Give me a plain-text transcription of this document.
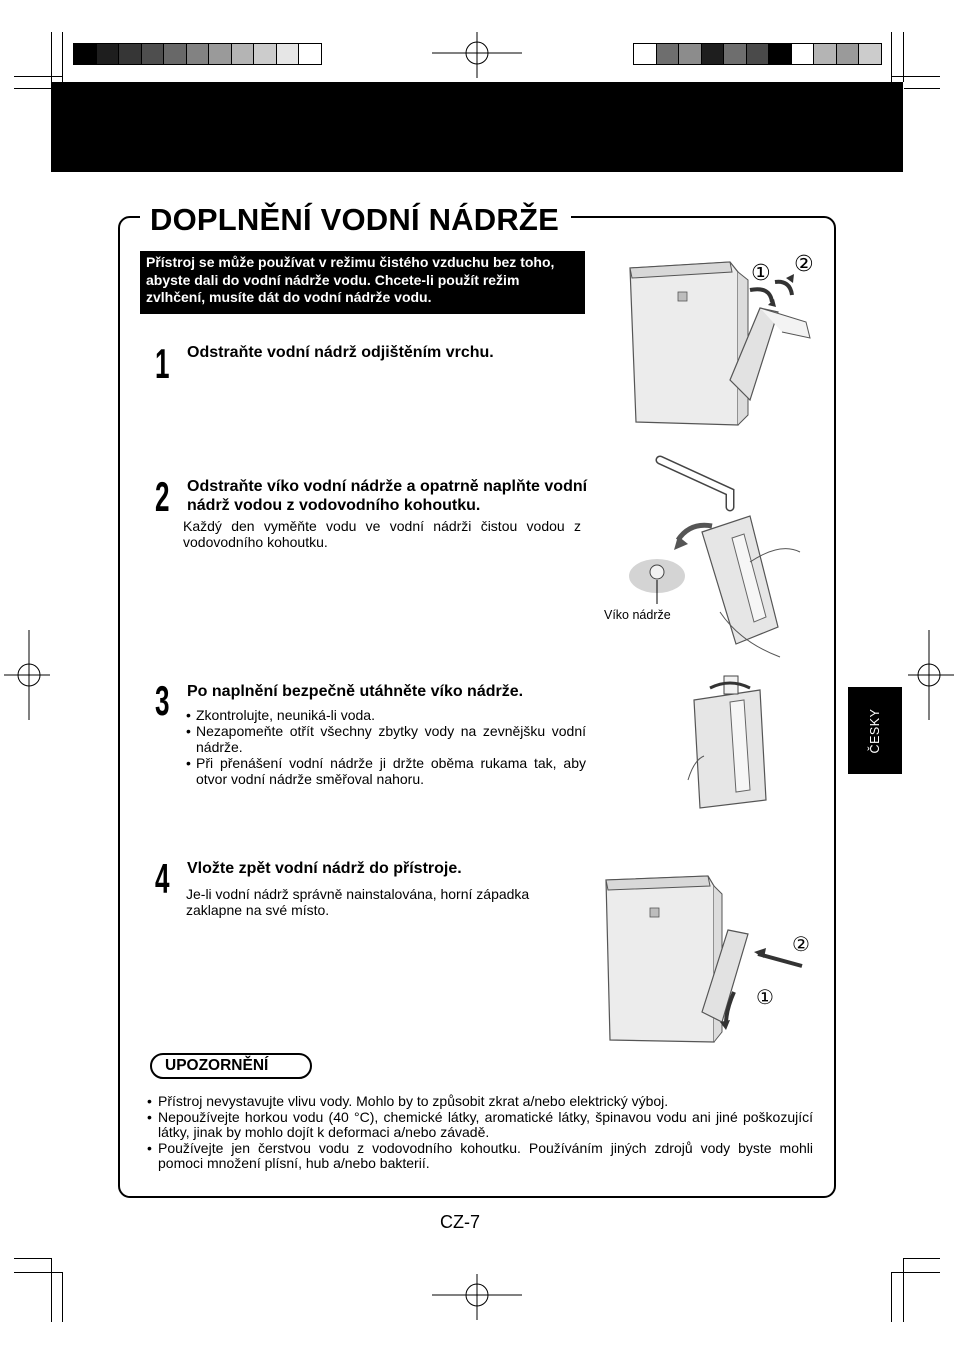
DOPLNĚNÍ VODNÍ NÁDRŽE
Přístroj se může používat v režimu čistého vzduchu bez toho, abyste dali do vodní nádrže vodu. Chcete-li použít režim zvlhčení, musíte dát do vodní nádrže vodu.
ČESKY
1 Odstraňte vodní nádrž odjištěním vrchu.
2 Odstraňte víko vodní nádrže a opatrně naplňte vodní nádrž vodou z vodovodního kohoutku.
Každý den vyměňte vodu ve vodní nádrži čistou vodou z vodovodního kohoutku.
3 Po naplnění bezpečně utáhněte víko nádrže.
• Zkontrolujte, neuniká-li voda.
• Nezapomeňte otřít všechny zbytky vody na zevnějšku vodní nádrže.
• Při přenášení vodní nádrže ji držte oběma rukama tak, aby otvor vodní nádrže směřoval nahoru.
4 Vložte zpět vodní nádrž do přístroje.
Je-li vodní nádrž správně nainstalována, horní západka zaklapne na své místo.
① ②
Víko nádrže
②
①
UPOZORNĚNÍ
• Přístroj nevystavujte vlivu vody. Mohlo by to způsobit zkrat a/nebo elektrický výboj.
• Nepoužívejte horkou vodu (40 °C), chemické látky, aromatické látky, špinavou vodu ani jiné poškozující látky, jinak by mohlo dojít k deformaci a/nebo závadě.
• Používejte jen čerstvou vodu z vodovodního kohoutku. Používáním jiných zdrojů vody byste mohli pomoci množení plísní, hub a/nebo bakterií.
CZ-7
